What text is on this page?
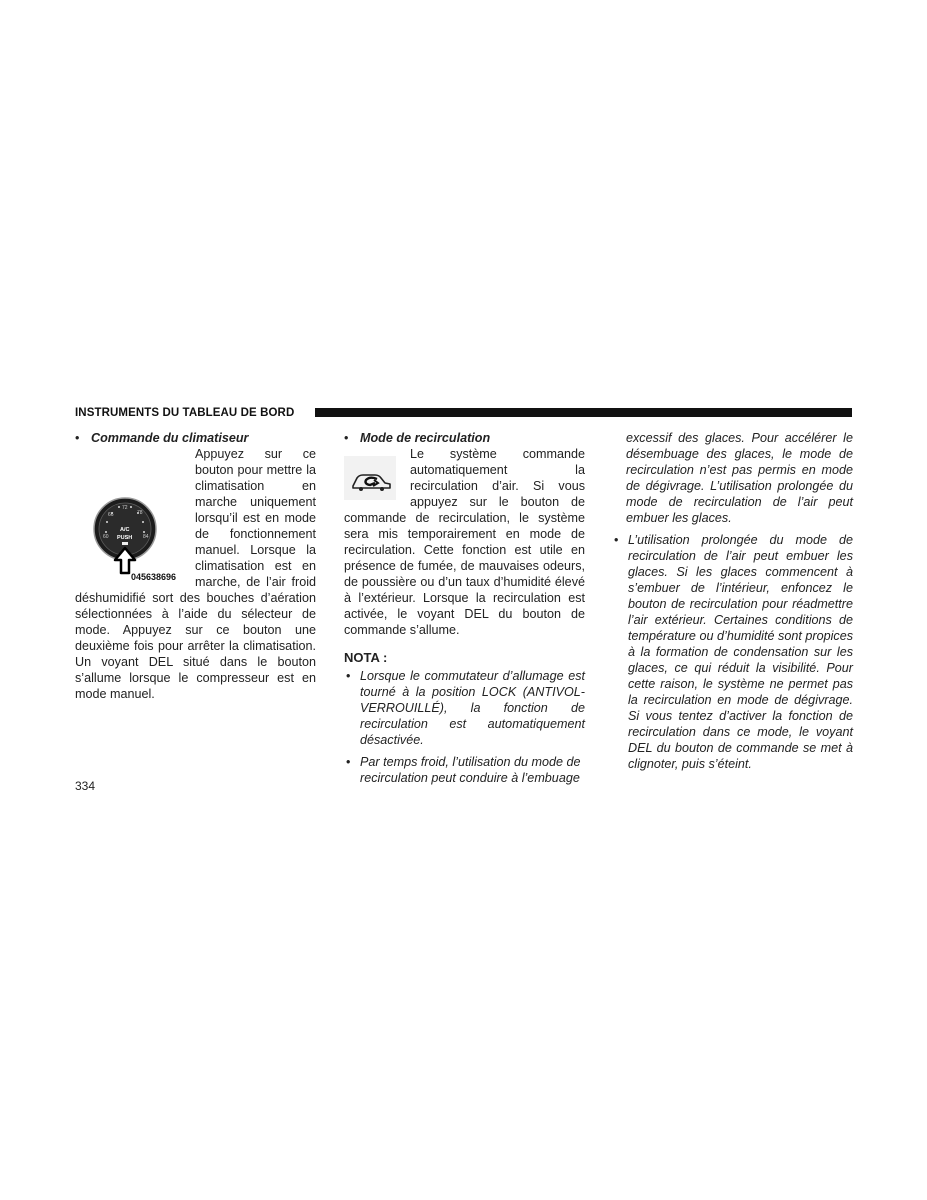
INSTRUMENTS DU TABLEAU DE BORD

• Commande du climatiseur

60
66
72
78
84
A/C
PUSH
045638696

Appuyez sur ce bouton pour mettre la climatisation en marche uniquement lorsqu’il est en mode de fonctionnement manuel. Lorsque la climatisation est en marche, de l’air froid déshumidifié sort des bouches d’aération sélectionnées à l’aide du sélecteur de mode. Appuyez sur ce bouton une deuxième fois pour arrêter la climatisation. Un voyant DEL situé dans le bouton s’allume lorsque le compresseur est en mode manuel.

• Mode de recirculation

Le système commande automatiquement la recirculation d’air. Si vous appuyez sur le bouton de commande de recirculation, le système sera mis temporairement en mode de recirculation. Cette fonction est utile en présence de fumée, de mauvaises odeurs, de poussière ou d’un taux d’humidité élevé à l’extérieur. Lorsque la recirculation est activée, le voyant DEL du bouton de commande s’allume.

NOTA :

• Lorsque le commutateur d’allumage est tourné à la position LOCK (ANTIVOL-VERROUILLÉ), la fonction de recirculation est automatiquement désactivée.
• Par temps froid, l’utilisation du mode de recirculation peut conduire à l’embuage

excessif des glaces. Pour accélérer le désembuage des glaces, le mode de recirculation n’est pas permis en mode de dégivrage. L’utilisation prolongée du mode de recirculation de l’air peut embuer les glaces.

• L’utilisation prolongée du mode de recirculation de l’air peut embuer les glaces. Si les glaces commencent à s’embuer de l’intérieur, enfoncez le bouton de recirculation pour réadmettre l’air extérieur. Certaines conditions de température ou d’humidité sont propices à la formation de condensation sur les glaces, ce qui réduit la visibilité. Pour cette raison, le système ne permet pas la recirculation en mode de dégivrage. Si vous tentez d’activer la fonction de recirculation dans ce mode, le voyant DEL du bouton de commande se met à clignoter, puis s’éteint.
334
